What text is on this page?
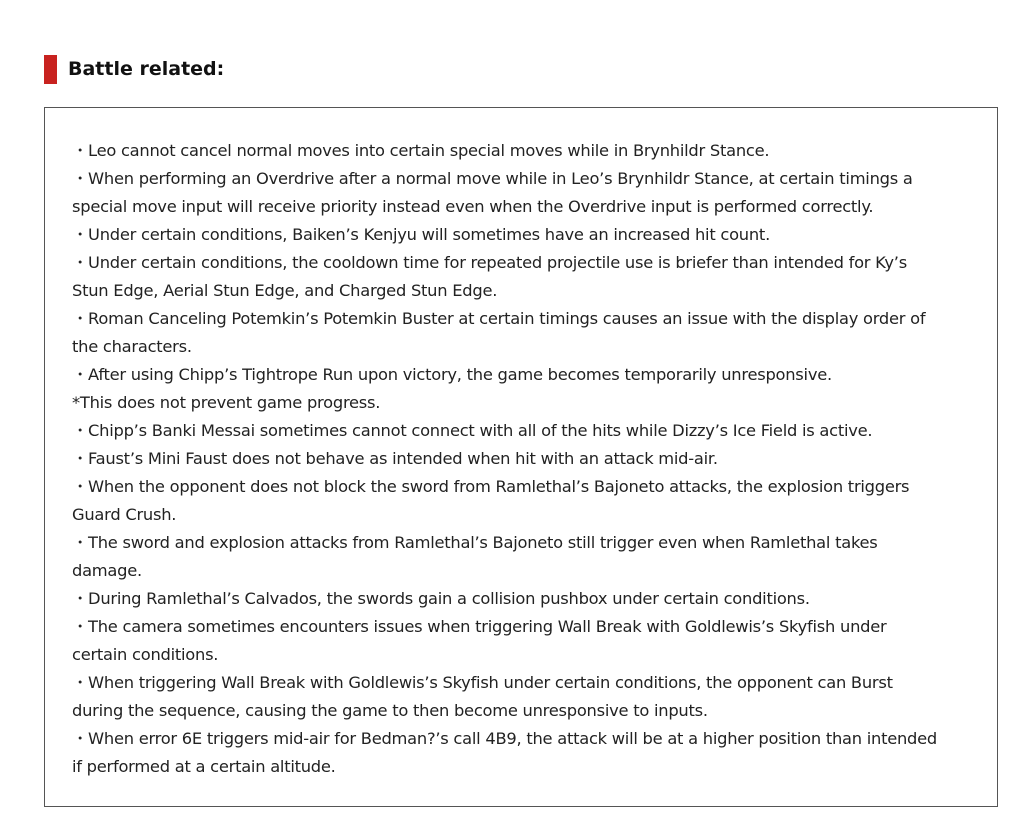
Battle related:
・Leo cannot cancel normal moves into certain special moves while in Brynhildr Stance.
・When performing an Overdrive after a normal move while in Leo’s Brynhildr Stance, at certain timings a
special move input will receive priority instead even when the Overdrive input is performed correctly.
・Under certain conditions, Baiken’s Kenjyu will sometimes have an increased hit count.
・Under certain conditions, the cooldown time for repeated projectile use is briefer than intended for Ky’s
Stun Edge, Aerial Stun Edge, and Charged Stun Edge.
・Roman Canceling Potemkin’s Potemkin Buster at certain timings causes an issue with the display order of
the characters.
・After using Chipp’s Tightrope Run upon victory, the game becomes temporarily unresponsive.
*This does not prevent game progress.
・Chipp’s Banki Messai sometimes cannot connect with all of the hits while Dizzy’s Ice Field is active.
・Faust’s Mini Faust does not behave as intended when hit with an attack mid-air.
・When the opponent does not block the sword from Ramlethal’s Bajoneto attacks, the explosion triggers
Guard Crush.
・The sword and explosion attacks from Ramlethal’s Bajoneto still trigger even when Ramlethal takes
damage.
・During Ramlethal’s Calvados, the swords gain a collision pushbox under certain conditions.
・The camera sometimes encounters issues when triggering Wall Break with Goldlewis’s Skyfish under
certain conditions.
・When triggering Wall Break with Goldlewis’s Skyfish under certain conditions, the opponent can Burst
during the sequence, causing the game to then become unresponsive to inputs.
・When error 6E triggers mid-air for Bedman?’s call 4B9, the attack will be at a higher position than intended
if performed at a certain altitude.
